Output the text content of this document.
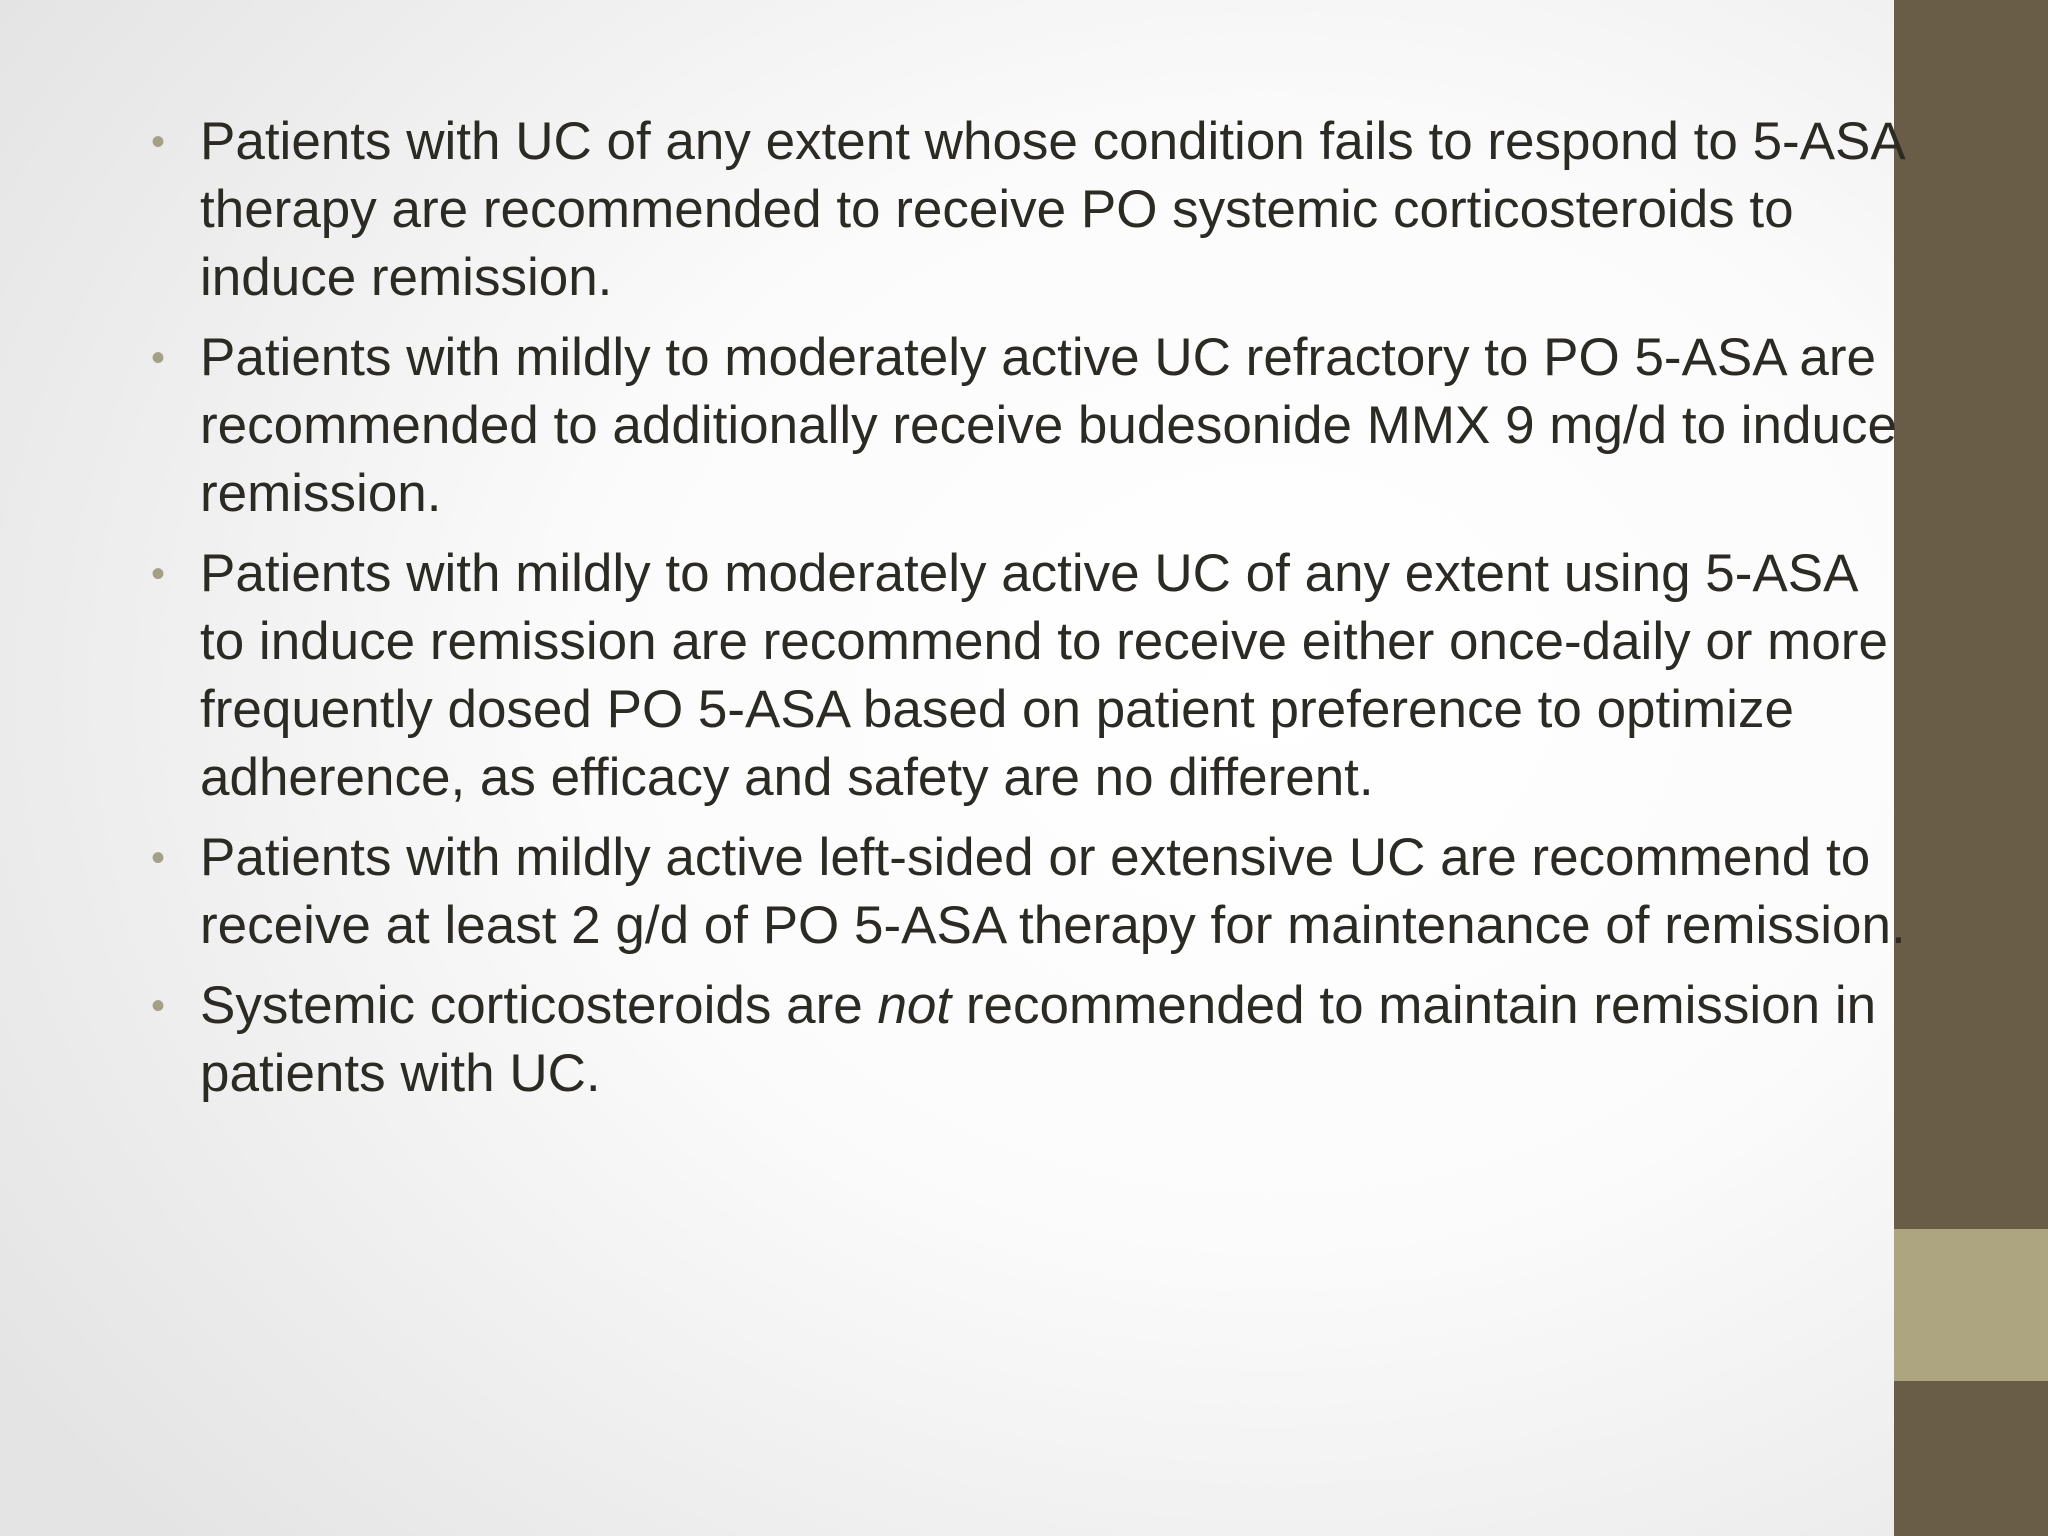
• Patients with UC of any extent whose condition fails to respond to 5-ASA therapy are recommended to receive PO systemic corticosteroids to induce remission.
• Patients with mildly to moderately active UC refractory to PO 5-ASA are recommended to additionally receive budesonide MMX 9 mg/d to induce remission.
• Patients with mildly to moderately active UC of any extent using 5-ASA to induce remission are recommend to receive either once-daily or more frequently dosed PO 5-ASA based on patient preference to optimize adherence, as efficacy and safety are no different.
• Patients with mildly active left-sided or extensive UC are recommend to receive at least 2 g/d of PO 5-ASA therapy for maintenance of remission.
• Systemic corticosteroids are not recommended to maintain remission in patients with UC.
